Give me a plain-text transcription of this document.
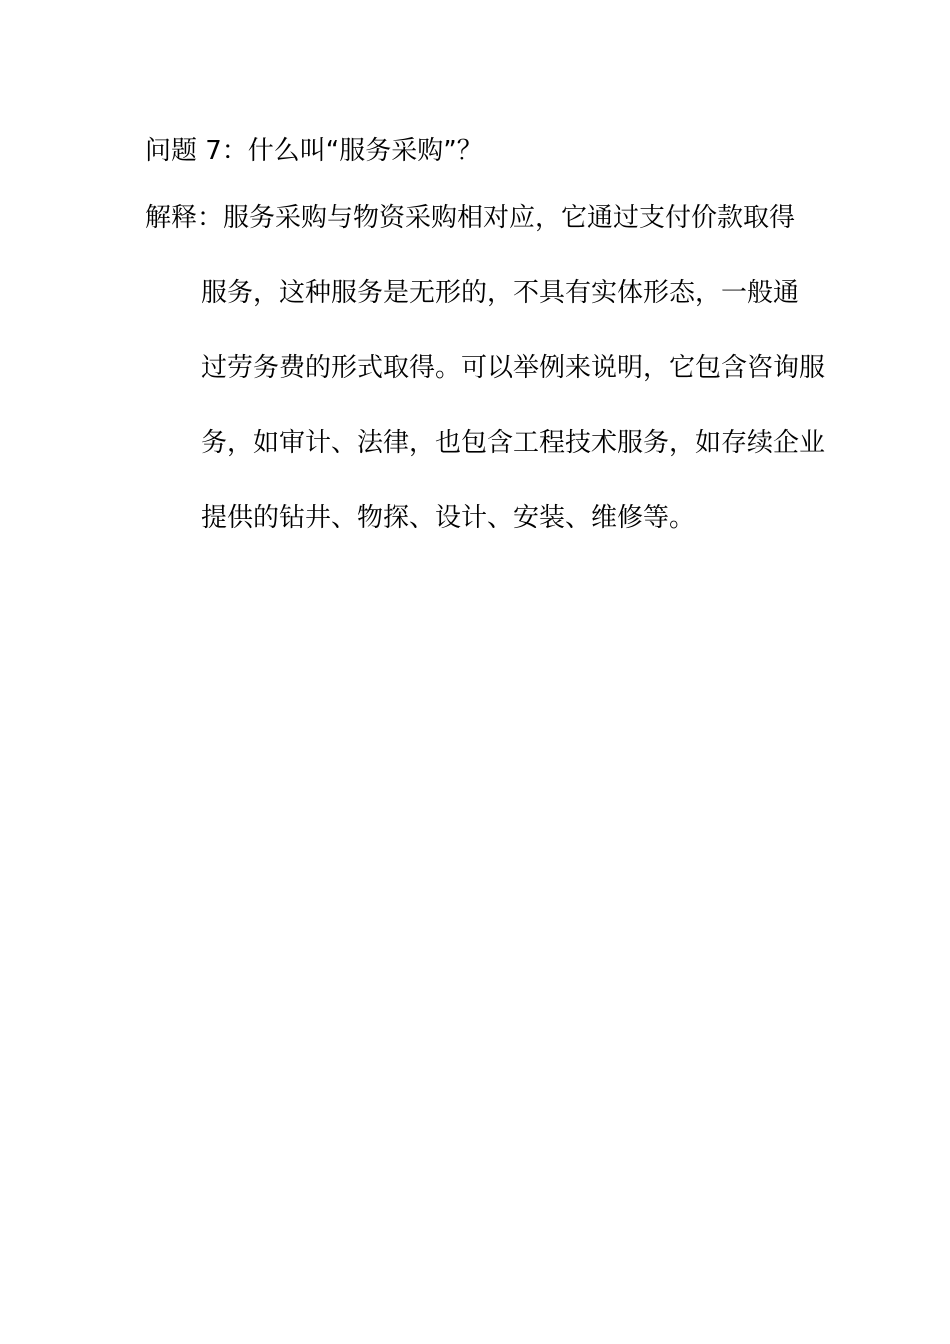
问题 7：什么叫“服务采购”？
解释：服务采购与物资采购相对应，它通过支付价款取得
服务，这种服务是无形的，不具有实体形态，一般通
过劳务费的形式取得。可以举例来说明，它包含咨询服
务，如审计、法律，也包含工程技术服务，如存续企业
提供的钻井、物探、设计、安装、维修等。
